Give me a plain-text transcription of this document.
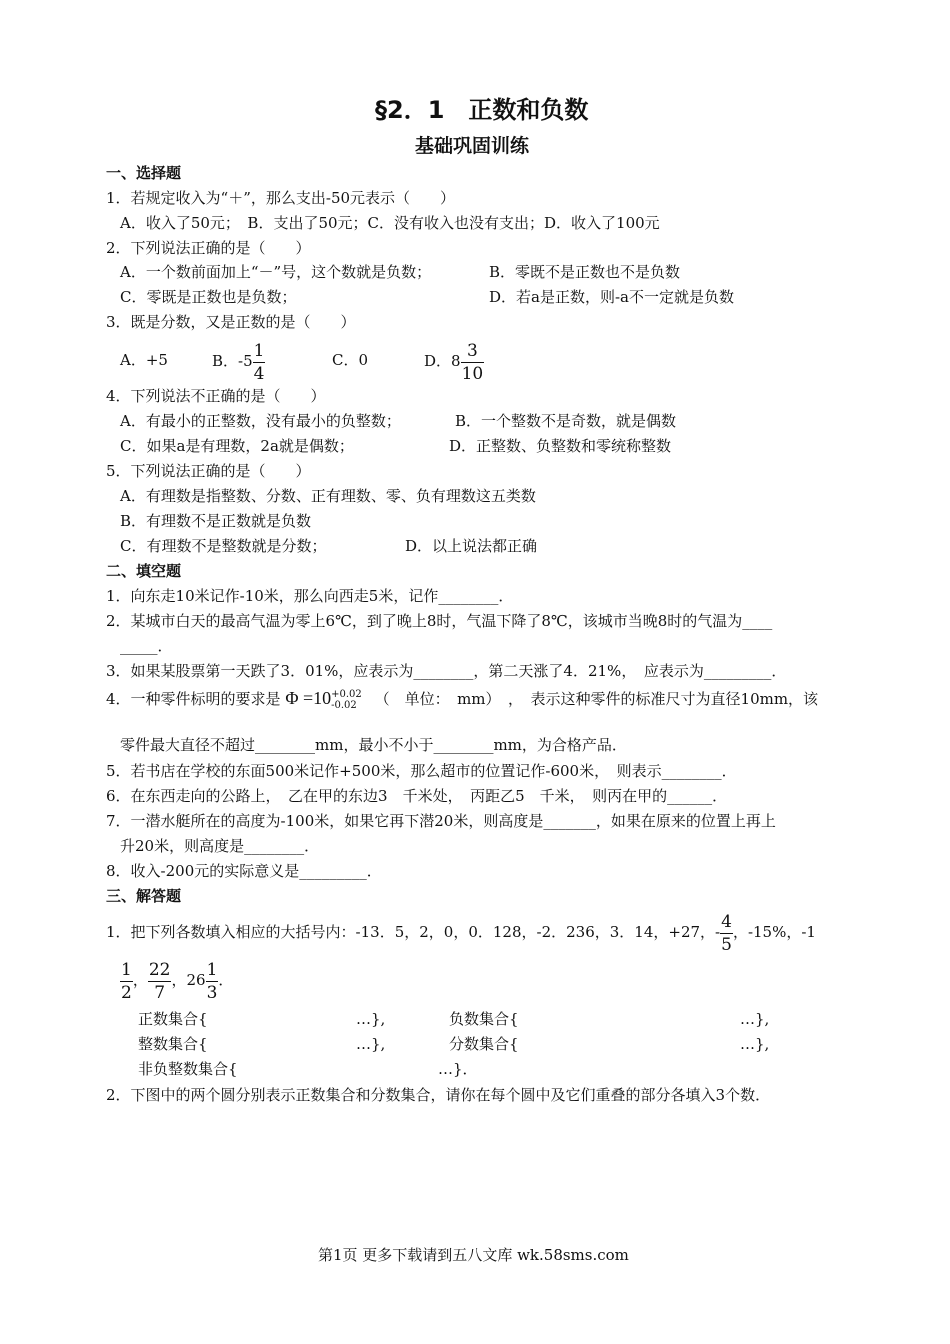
§2．1　正数和负数
基础巩固训练
一、选择题
1．若规定收入为“＋”，那么支出-50元表示（　　）
A．收入了50元；　B．支出了50元；C．没有收入也没有支出；D．收入了100元
2．下列说法正确的是（　　）
A．一个数前面加上“－”号，这个数就是负数；	B．零既不是正数也不是负数
C．零既是正数也是负数；	D．若a是正数，则-a不一定就是负数
3．既是分数，又是正数的是（　　）
A．+5	B．$-5 \frac{1}{4}$	C．0	D．$8 \frac{3}{10}$
4．下列说法不正确的是（　　）
A．有最小的正整数，没有最小的负整数；	B．一个整数不是奇数，就是偶数
C．如果a是有理数，2a就是偶数；	D．正整数、负整数和零统称整数
5．下列说法正确的是（　　）
A．有理数是指整数、分数、正有理数、零、负有理数这五类数
B．有理数不是正数就是负数
C．有理数不是整数就是分数；	D．以上说法都正确
二、填空题
1．向东走10米记作-10米，那么向西走5米，记作________．
2．某城市白天的最高气温为零上6℃，到了晚上8时，气温下降了8℃，该城市当晚8时的气温为____
_____．
3．如果某股票第一天跌了3．01%，应表示为________，第二天涨了4．21%，　应表示为_________．
4．一种零件标明的要求是 Φ =10 +0.02
-0.02	（　单位：　mm）　，　表示这种零件的标准尺寸为直径10mm，该
零件最大直径不超过________mm，最小不小于________mm，为合格产品．
5．若书店在学校的东面500米记作+500米，那么超市的位置记作-600米，　则表示________．
6．在东西走向的公路上，　乙在甲的东边3　千米处，　丙距乙5　千米，　则丙在甲的______．
7．一潜水艇所在的高度为-100米，如果它再下潜20米，则高度是_______，如果在原来的位置上再上
升20米，则高度是________．
8．收入-200元的实际意义是_________．
三、解答题
1．把下列各数填入相应的大括号内：-13．5，2，0，0．128，-2．236，3．14，+27，- $\frac{4}{5}$ ，-15%，-1
$\frac{1}{2}$ ， $\frac{22}{7}$ ，$26 \frac{1}{3}$ ．
正数集合{	…},	负数集合{	…},
整数集合{	…},	分数集合{	…},
非负整数集合{	…}．
2．下图中的两个圆分别表示正数集合和分数集合，请你在每个圆中及它们重叠的部分各填入3个数．
第1页 更多下载请到五八文库 wk.58sms.com
